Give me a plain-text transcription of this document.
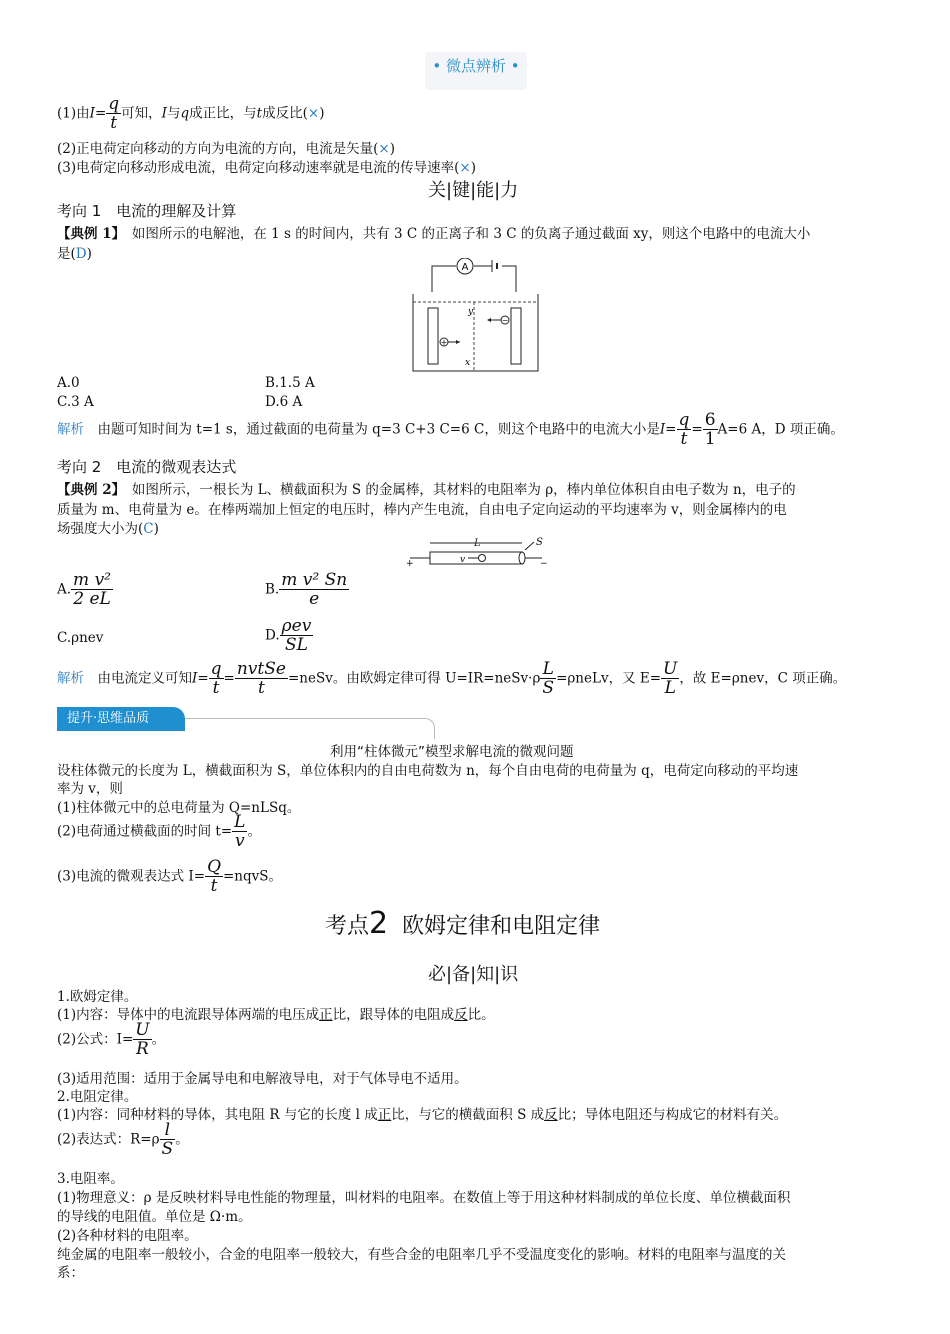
• 微点辨析 •
(1)由$I= \frac{q}{t}$ 可知，I与q成正比，与t成反比(×)
(2)正电荷定向移动的方向为电流的方向，电流是矢量(×)
(3)电荷定向移动形成电流，电荷定向移动速率就是电流的传导速率(×)
关|键|能|力
考向 1　电流的理解及计算
【典例 1】　如图所示的电解池，在 1 s 的时间内，共有 3 C 的正离子和 3 C 的负离子通过截面 xy，则这个电路中的电流大小
是(D)
A
y
x
+
−
A.0	B.1.5 A
C.3 A	D.6 A
解析　由题可知时间为 t=1 s，通过截面的电荷量为 q=3 C+3 C=6 C，则这个电路中的电流大小是$I= \frac{q}{t} = \frac{6}{1} A=6$ A，D 项正确。
考向 2　电流的微观表达式
【典例 2】　如图所示，一根长为 L、横截面积为 S 的金属棒，其材料的电阻率为 ρ，棒内单位体积自由电子数为 n，电子的
质量为 m、电荷量为 e。在棒两端加上恒定的电压时，棒内产生电流，自由电子定向运动的平均速率为 v，则金属棒内的电
场强度大小为(C)
L	S
v
+	−
A. $\frac{\text{m v²}}{2 eL}$	B. $\frac{\text{m v² Sn}}{e}$
C.ρnev	D. $\frac{\text{ρev}}{SL}$
解析　由电流定义可知$I= \frac{q}{t} = \frac{\text{nvtSe}}{t}$ =neSv。由欧姆定律可得 U=IR=neSv·ρ $\frac{L}{S}$ =ρneLv，又 $E= \frac{U}{L}$ ，故 E=ρnev，C 项正确。
提升·思维品质
利用“柱体微元”模型求解电流的微观问题
设柱体微元的长度为 L，横截面积为 S，单位体积内的自由电荷数为 n，每个自由电荷的电荷量为 q，电荷定向移动的平均速
率为 v，则
(1)柱体微元中的总电荷量为 Q=nLSq。
(2)电荷通过横截面的时间 $t= \frac{L}{v}$ 。
(3)电流的微观表达式 $I= \frac{Q}{t}$ =nqvS。
考点2 欧姆定律和电阻定律
必|备|知|识
1.欧姆定律。
(1)内容：导体中的电流跟导体两端的电压成正比，跟导体的电阻成反比。
(2)公式：$I= \frac{U}{R}$ 。
(3)适用范围：适用于金属导电和电解液导电，对于气体导电不适用。
2.电阻定律。
(1)内容：同种材料的导体，其电阻 R 与它的长度 l 成正比，与它的横截面积 S 成反比；导体电阻还与构成它的材料有关。
(2)表达式：$R=\rho \frac{l}{S}$ 。
3.电阻率。
(1)物理意义：ρ 是反映材料导电性能的物理量，叫材料的电阻率。在数值上等于用这种材料制成的单位长度、单位横截面积
的导线的电阻值。单位是 Ω·m。
(2)各种材料的电阻率。
纯金属的电阻率一般较小，合金的电阻率一般较大，有些合金的电阻率几乎不受温度变化的影响。材料的电阻率与温度的关
系：
